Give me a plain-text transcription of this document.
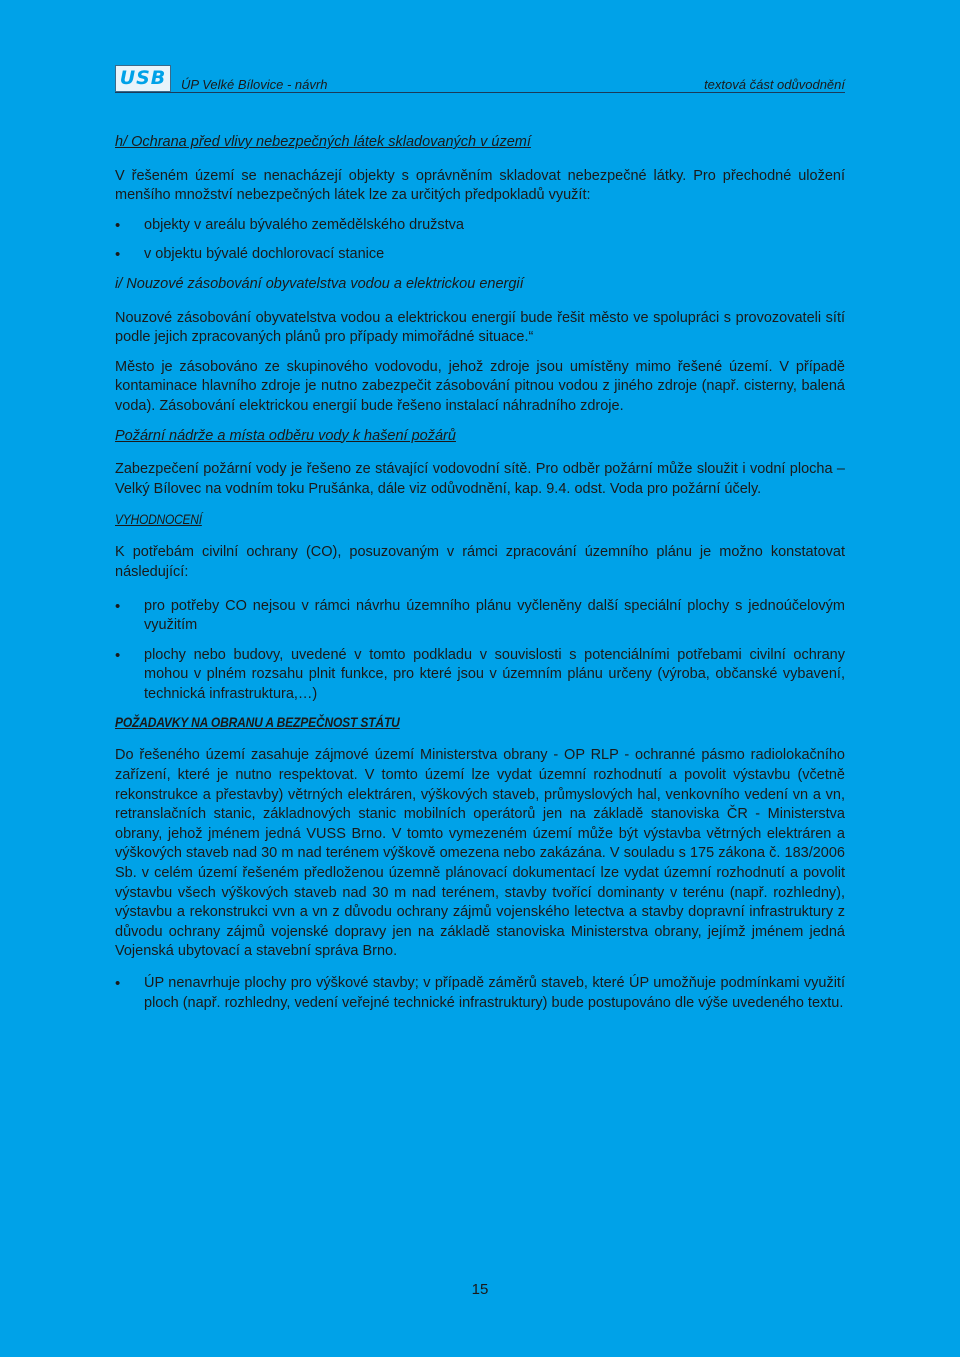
USB	ÚP Velké Bílovice - návrh	textová část odůvodnění

h/ Ochrana před vlivy nebezpečných látek skladovaných v území

V řešeném území se nenacházejí objekty s oprávněním skladovat nebezpečné látky. Pro přechodné uložení menšího množství nebezpečných látek lze za určitých předpokladů využít:

• objekty v areálu bývalého zemědělského družstva
• v objektu bývalé dochlorovací stanice

i/ Nouzové zásobování obyvatelstva vodou a elektrickou energií

Nouzové zásobování obyvatelstva vodou a elektrickou energií bude řešit město ve spolupráci s provozovateli sítí podle jejich zpracovaných plánů pro případy mimořádné situace.“

Město je zásobováno ze skupinového vodovodu, jehož zdroje jsou umístěny mimo řešené území. V případě kontaminace hlavního zdroje je nutno zabezpečit zásobování pitnou vodou z jiného zdroje (např. cisterny, balená voda). Zásobování elektrickou energií bude řešeno instalací náhradního zdroje.

Požární nádrže a místa odběru vody k hašení požárů

Zabezpečení požární vody je řešeno ze stávající vodovodní sítě. Pro odběr požární může sloužit i vodní plocha – Velký Bílovec na vodním toku Prušánka, dále viz odůvodnění, kap. 9.4. odst. Voda pro požární účely.

VYHODNOCENÍ

K potřebám civilní ochrany (CO), posuzovaným v rámci zpracování územního plánu je možno konstatovat následující:

• pro potřeby CO nejsou v rámci návrhu územního plánu vyčleněny další speciální plochy s jednoúčelovým využitím
• plochy nebo budovy, uvedené v tomto podkladu v souvislosti s potenciálními potřebami civilní ochrany mohou v plném rozsahu plnit funkce, pro které jsou v územním plánu určeny (výroba, občanské vybavení, technická infrastruktura,…)
POŽADAVKY NA OBRANU A BEZPEČNOST STÁTU

Do řešeného území zasahuje zájmové území Ministerstva obrany - OP RLP - ochranné pásmo radiolokačního zařízení, které je nutno respektovat. V tomto území lze vydat územní rozhodnutí a povolit výstavbu (včetně rekonstrukce a přestavby) větrných elektráren, výškových staveb, průmyslových hal, venkovního vedení vn a vn, retranslačních stanic, základnových stanic mobilních operátorů jen na základě stanoviska ČR - Ministerstva obrany, jehož jménem jedná VUSS Brno. V tomto vymezeném území může být výstavba větrných elektráren a výškových staveb nad 30 m nad terénem výškově omezena nebo zakázána. V souladu s 175 zákona č. 183/2006 Sb. v celém území řešeném předloženou územně plánovací dokumentací lze vydat územní rozhodnutí a povolit výstavbu všech výškových staveb nad 30 m nad terénem, stavby tvořící dominanty v terénu (např. rozhledny), výstavbu a rekonstrukci vvn a vn z důvodu ochrany zájmů vojenského letectva a stavby dopravní infrastruktury z důvodu ochrany zájmů vojenské dopravy jen na základě stanoviska Ministerstva obrany, jejímž jménem jedná Vojenská ubytovací a stavební správa Brno.

• ÚP nenavrhuje plochy pro výškové stavby; v případě záměrů staveb, které ÚP umožňuje podmínkami využití ploch (např. rozhledny, vedení veřejné technické infrastruktury) bude postupováno dle výše uvedeného textu.
15
